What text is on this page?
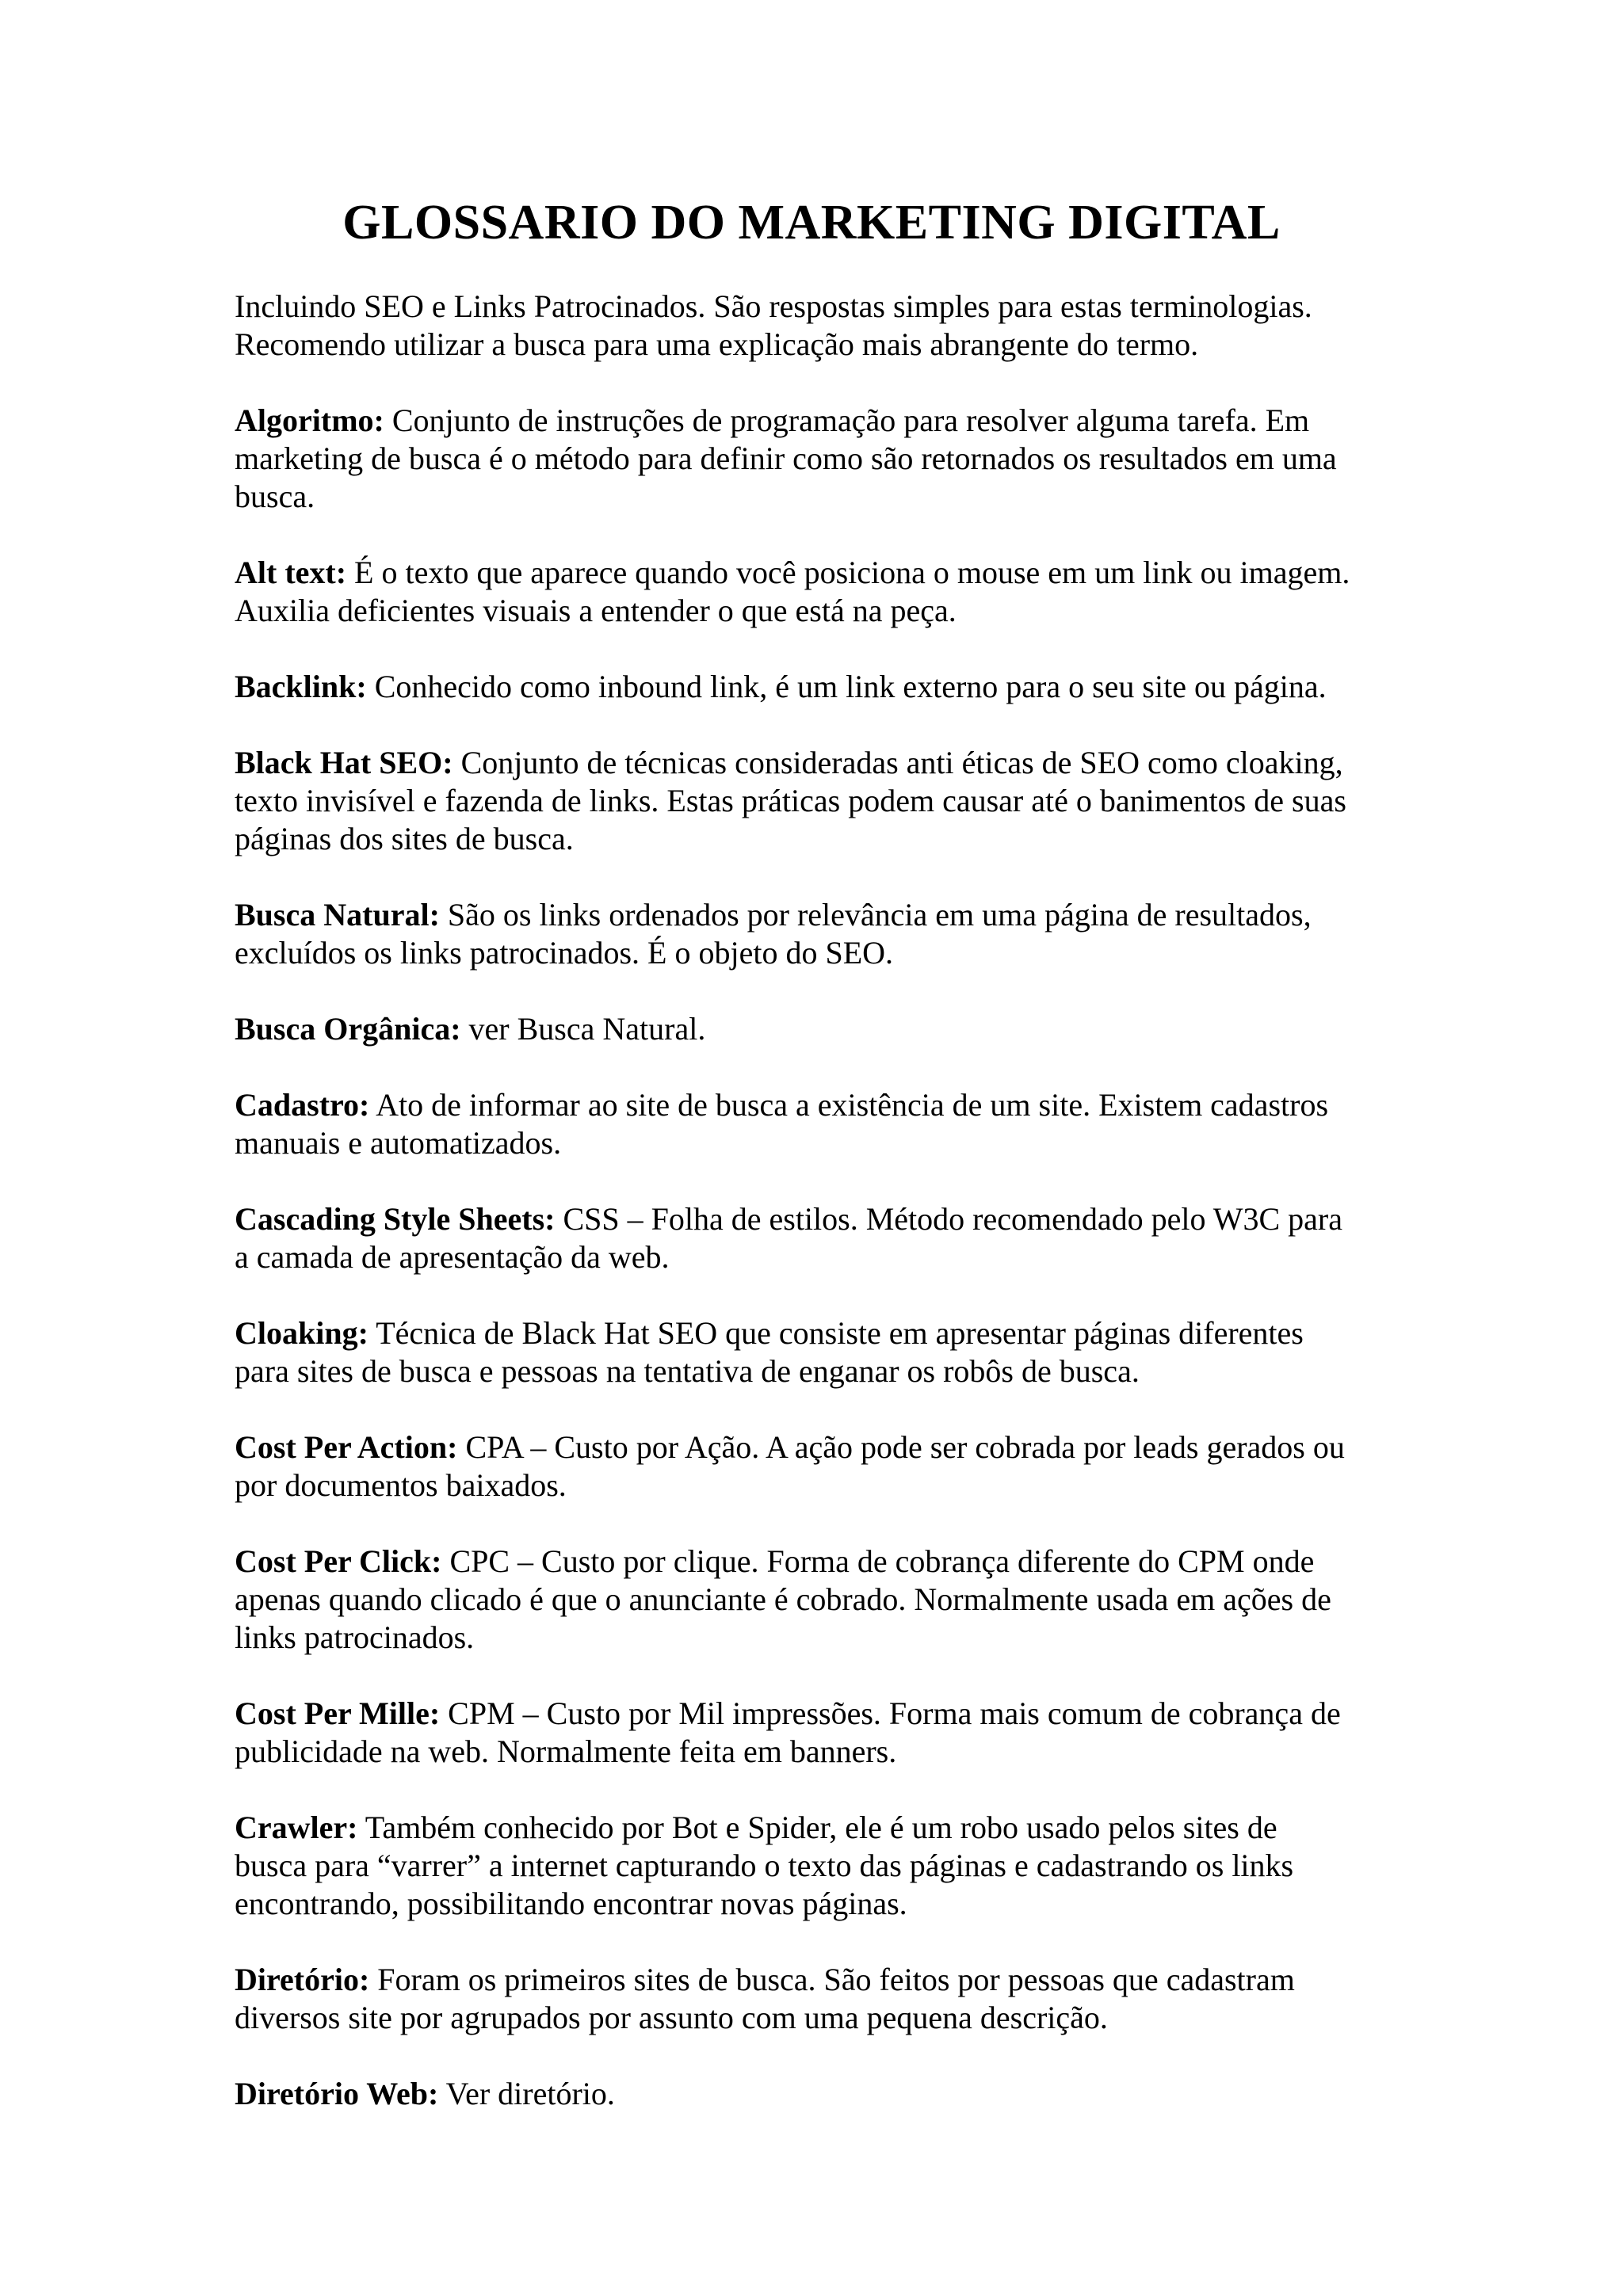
GLOSSARIO DO MARKETING DIGITAL

Incluindo SEO e Links Patrocinados. São respostas simples para estas terminologias.
Recomendo utilizar a busca para uma explicação mais abrangente do termo.

Algoritmo: Conjunto de instruções de programação para resolver alguma tarefa. Em
marketing de busca é o método para definir como são retornados os resultados em uma
busca.

Alt text: É o texto que aparece quando você posiciona o mouse em um link ou imagem.
Auxilia deficientes visuais a entender o que está na peça.

Backlink: Conhecido como inbound link, é um link externo para o seu site ou página.

Black Hat SEO: Conjunto de técnicas consideradas anti éticas de SEO como cloaking,
texto invisível e fazenda de links. Estas práticas podem causar até o banimentos de suas
páginas dos sites de busca.

Busca Natural: São os links ordenados por relevância em uma página de resultados,
excluídos os links patrocinados. É o objeto do SEO.

Busca Orgânica: ver Busca Natural.

Cadastro: Ato de informar ao site de busca a existência de um site. Existem cadastros
manuais e automatizados.

Cascading Style Sheets: CSS – Folha de estilos. Método recomendado pelo W3C para
a camada de apresentação da web.

Cloaking: Técnica de Black Hat SEO que consiste em apresentar páginas diferentes
para sites de busca e pessoas na tentativa de enganar os robôs de busca.

Cost Per Action: CPA – Custo por Ação. A ação pode ser cobrada por leads gerados ou
por documentos baixados.

Cost Per Click: CPC – Custo por clique. Forma de cobrança diferente do CPM onde
apenas quando clicado é que o anunciante é cobrado. Normalmente usada em ações de
links patrocinados.

Cost Per Mille: CPM – Custo por Mil impressões. Forma mais comum de cobrança de
publicidade na web. Normalmente feita em banners.

Crawler: Também conhecido por Bot e Spider, ele é um robo usado pelos sites de
busca para “varrer” a internet capturando o texto das páginas e cadastrando os links
encontrando, possibilitando encontrar novas páginas.

Diretório: Foram os primeiros sites de busca. São feitos por pessoas que cadastram
diversos site por agrupados por assunto com uma pequena descrição.

Diretório Web: Ver diretório.
